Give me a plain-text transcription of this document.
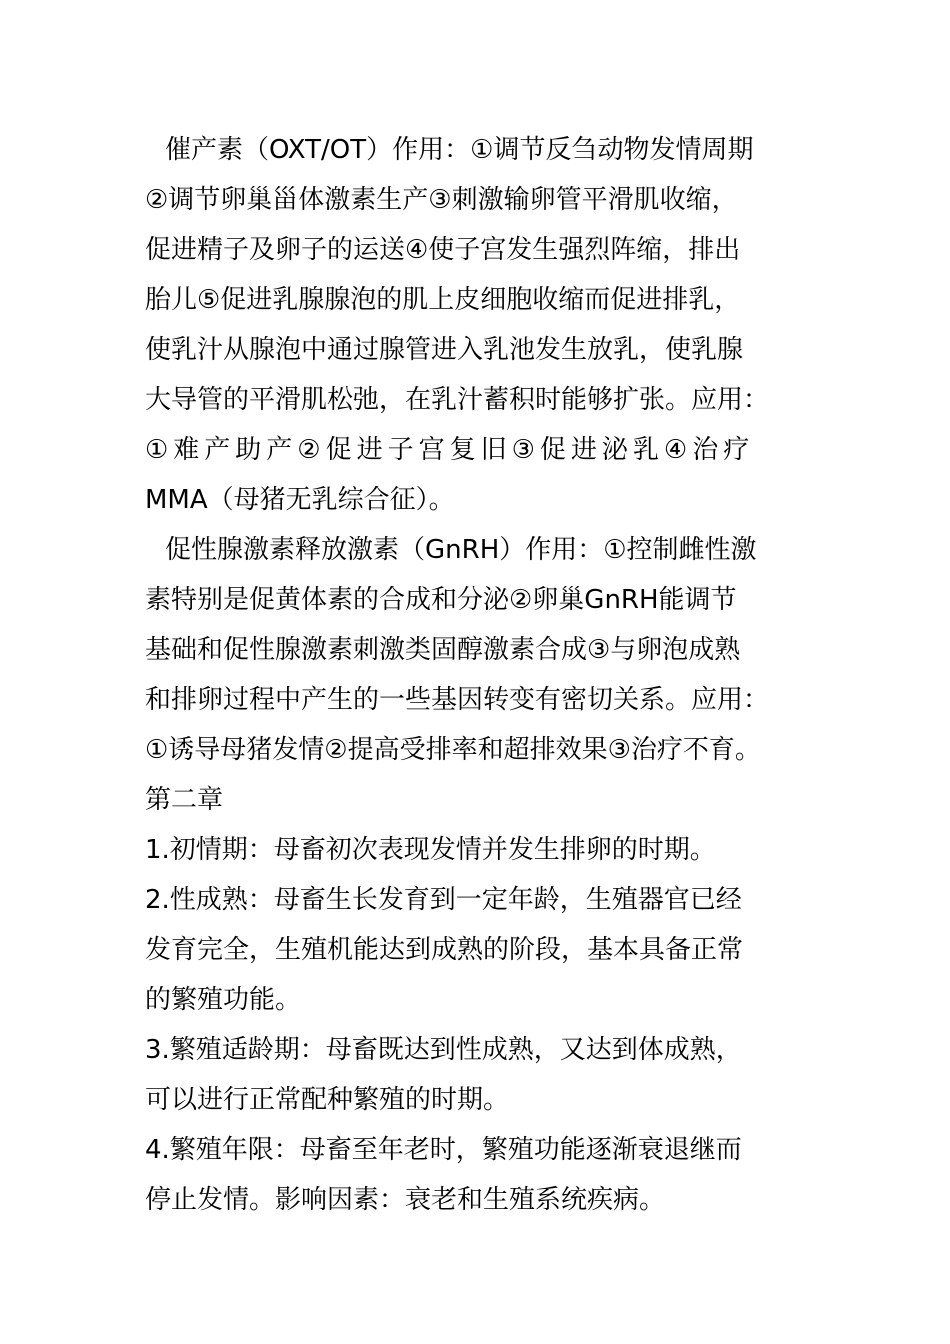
催产素（OXT/OT）作用：①调节反刍动物发情周期
②调节卵巢甾体激素生产③刺激输卵管平滑肌收缩，
促进精子及卵子的运送④使子宫发生强烈阵缩，排出
胎儿⑤促进乳腺腺泡的肌上皮细胞收缩而促进排乳，
使乳汁从腺泡中通过腺管进入乳池发生放乳，使乳腺
大导管的平滑肌松弛，在乳汁蓄积时能够扩张。应用：
①难产助产②促进子宫复旧③促进泌乳④治疗
MMA（母猪无乳综合征）。
促性腺激素释放激素（GnRH）作用：①控制雌性激
素特别是促黄体素的合成和分泌②卵巢GnRH能调节
基础和促性腺激素刺激类固醇激素合成③与卵泡成熟
和排卵过程中产生的一些基因转变有密切关系。应用：
①诱导母猪发情②提高受排率和超排效果③治疗不育。
第二章
1.初情期：母畜初次表现发情并发生排卵的时期。
2.性成熟：母畜生长发育到一定年龄，生殖器官已经
发育完全，生殖机能达到成熟的阶段，基本具备正常
的繁殖功能。
3.繁殖适龄期：母畜既达到性成熟，又达到体成熟，
可以进行正常配种繁殖的时期。
4.繁殖年限：母畜至年老时，繁殖功能逐渐衰退继而
停止发情。影响因素：衰老和生殖系统疾病。
